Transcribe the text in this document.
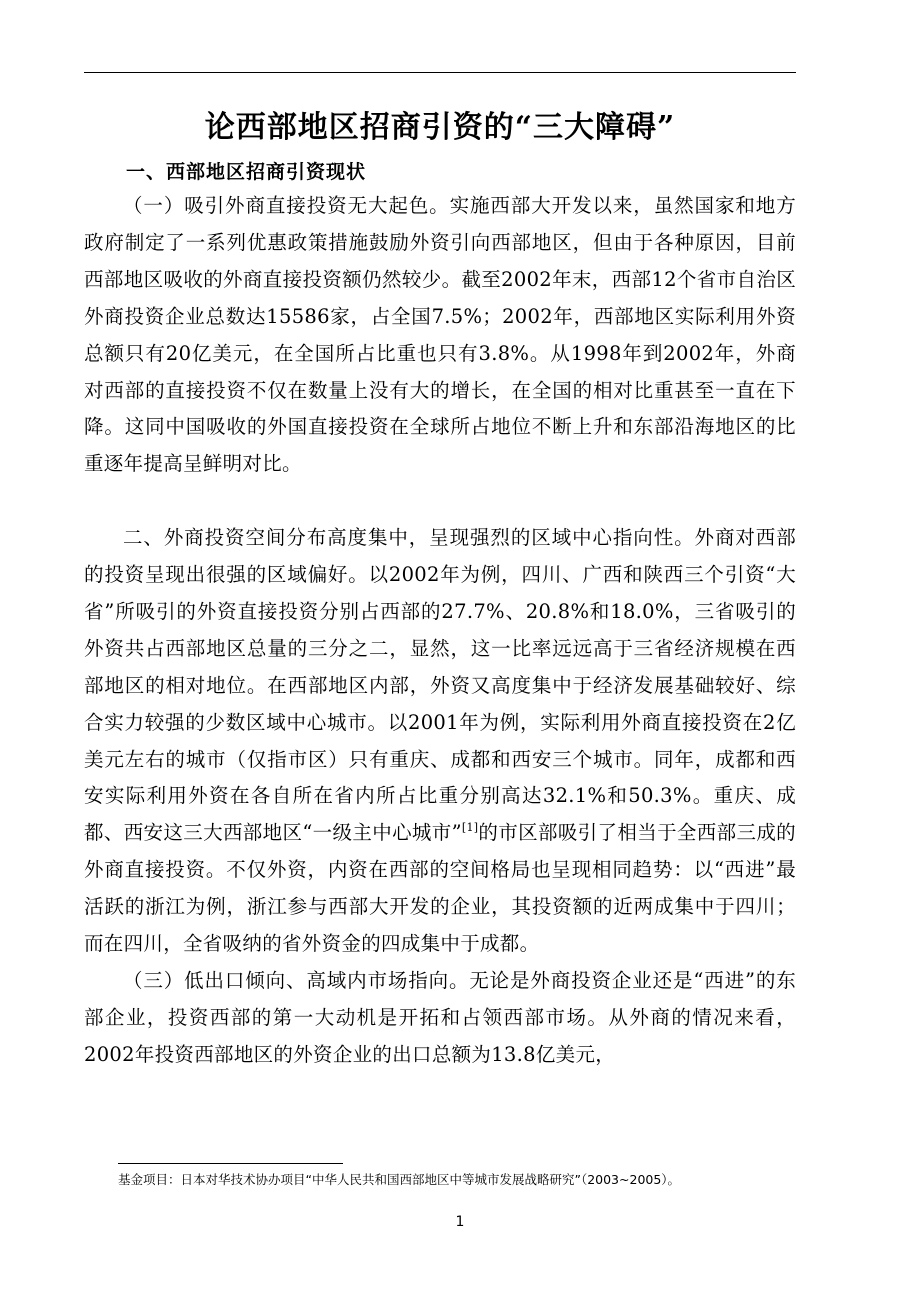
论西部地区招商引资的“三大障碍”
一、西部地区招商引资现状

（一）吸引外商直接投资无大起色。实施西部大开发以来，虽然国家和地方政府制定了一系列优惠政策措施鼓励外资引向西部地区，但由于各种原因，目前西部地区吸收的外商直接投资额仍然较少。截至2002年末，西部12个省市自治区外商投资企业总数达15586家，占全国7.5%；2002年，西部地区实际利用外资总额只有20亿美元，在全国所占比重也只有3.8%。从1998年到2002年，外商对西部的直接投资不仅在数量上没有大的增长，在全国的相对比重甚至一直在下降。这同中国吸收的外国直接投资在全球所占地位不断上升和东部沿海地区的比重逐年提高呈鲜明对比。

二、外商投资空间分布高度集中，呈现强烈的区域中心指向性。外商对西部的投资呈现出很强的区域偏好。以2002年为例，四川、广西和陕西三个引资“大省”所吸引的外资直接投资分别占西部的27.7%、20.8%和18.0%，三省吸引的外资共占西部地区总量的三分之二，显然，这一比率远远高于三省经济规模在西部地区的相对地位。在西部地区内部，外资又高度集中于经济发展基础较好、综合实力较强的少数区域中心城市。以2001年为例，实际利用外商直接投资在2亿美元左右的城市（仅指市区）只有重庆、成都和西安三个城市。同年，成都和西安实际利用外资在各自所在省内所占比重分别高达32.1%和50.3%。重庆、成都、西安这三大西部地区“一级主中心城市”[1]的市区部吸引了相当于全西部三成的外商直接投资。不仅外资，内资在西部的空间格局也呈现相同趋势：以“西进”最活跃的浙江为例，浙江参与西部大开发的企业，其投资额的近两成集中于四川；而在四川，全省吸纳的省外资金的四成集中于成都。

（三）低出口倾向、高域内市场指向。无论是外商投资企业还是“西进”的东部企业，投资西部的第一大动机是开拓和占领西部市场。从外商的情况来看，2002年投资西部地区的外资企业的出口总额为13.8亿美元，

基金项目：日本对华技术协办项目“中华人民共和国西部地区中等城市发展战略研究”（2003~2005）。
1
